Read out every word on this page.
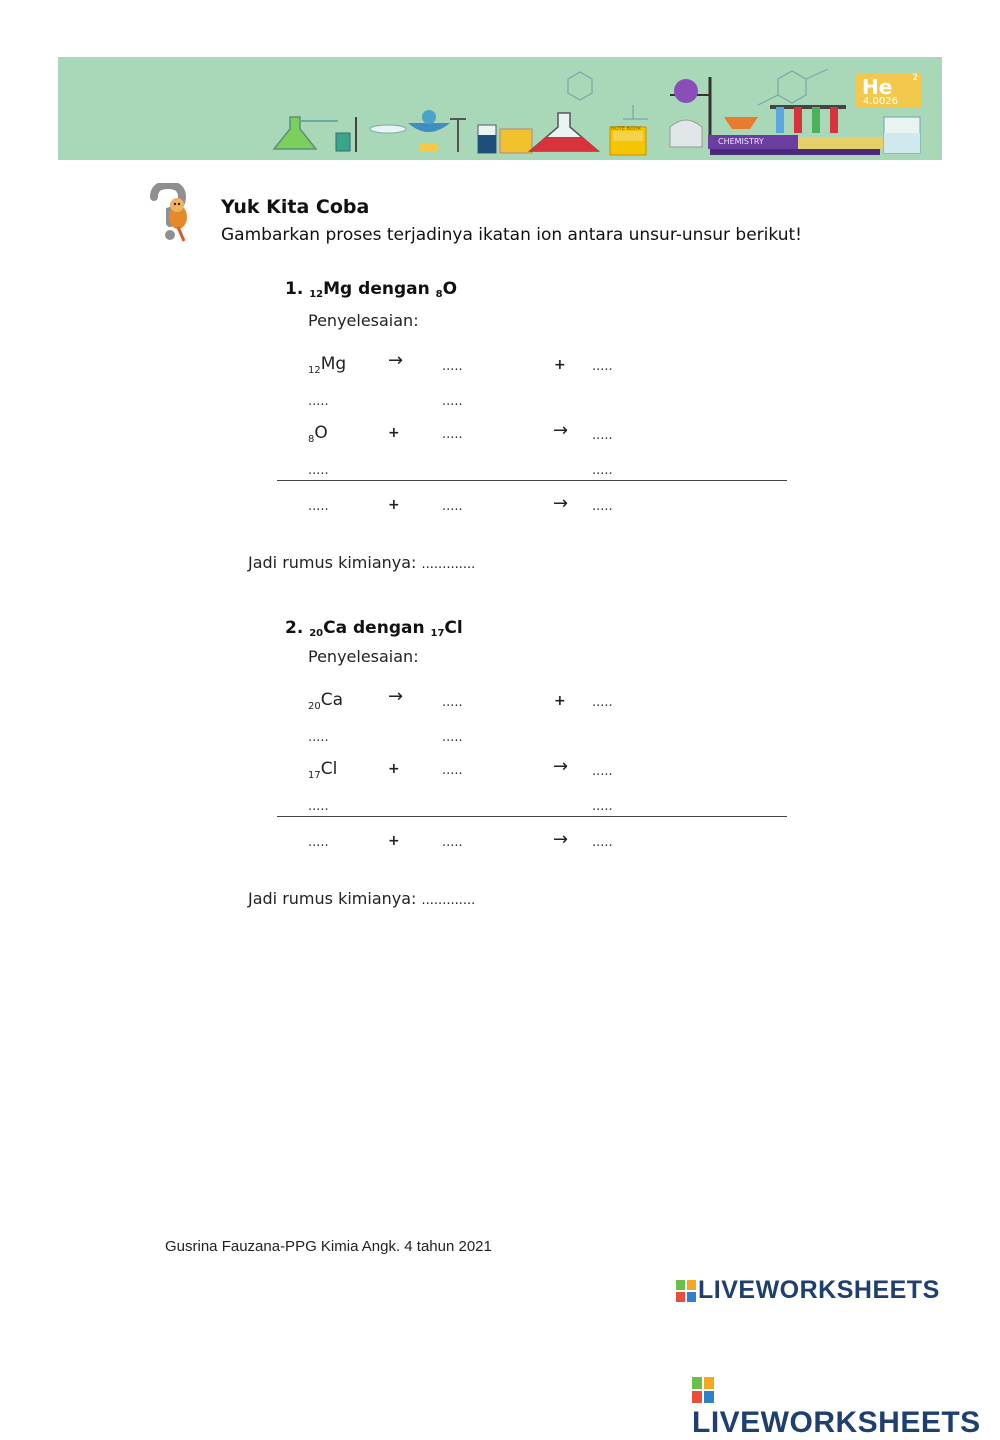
He 2
4.0026
CHEMISTRY
NOTE BOOK
Yuk Kita Coba
Gambarkan proses terjadinya ikatan ion antara unsur-unsur berikut!
1. $_{12}$Mg dengan $_8$O
Penyelesaian:
$_{12}$Mg →	.....	+ .....
.....	.....
$_8$O	+	.....	→ .....
.....	.....
.....	+	.....	→ .....
Jadi rumus kimianya: .............
2. $_{20}$Ca dengan $_{17}$Cl
Penyelesaian:
$_{20}$Ca →	.....	+ .....
.....	.....
$_{17}$Cl	+	.....	→ .....
.....	.....
.....	+	.....	→ .....
Jadi rumus kimianya: .............
Gusrina Fauzana-PPG Kimia Angk. 4 tahun 2021
LIVEWORKSHEETS
LIVEWORKSHEETS
